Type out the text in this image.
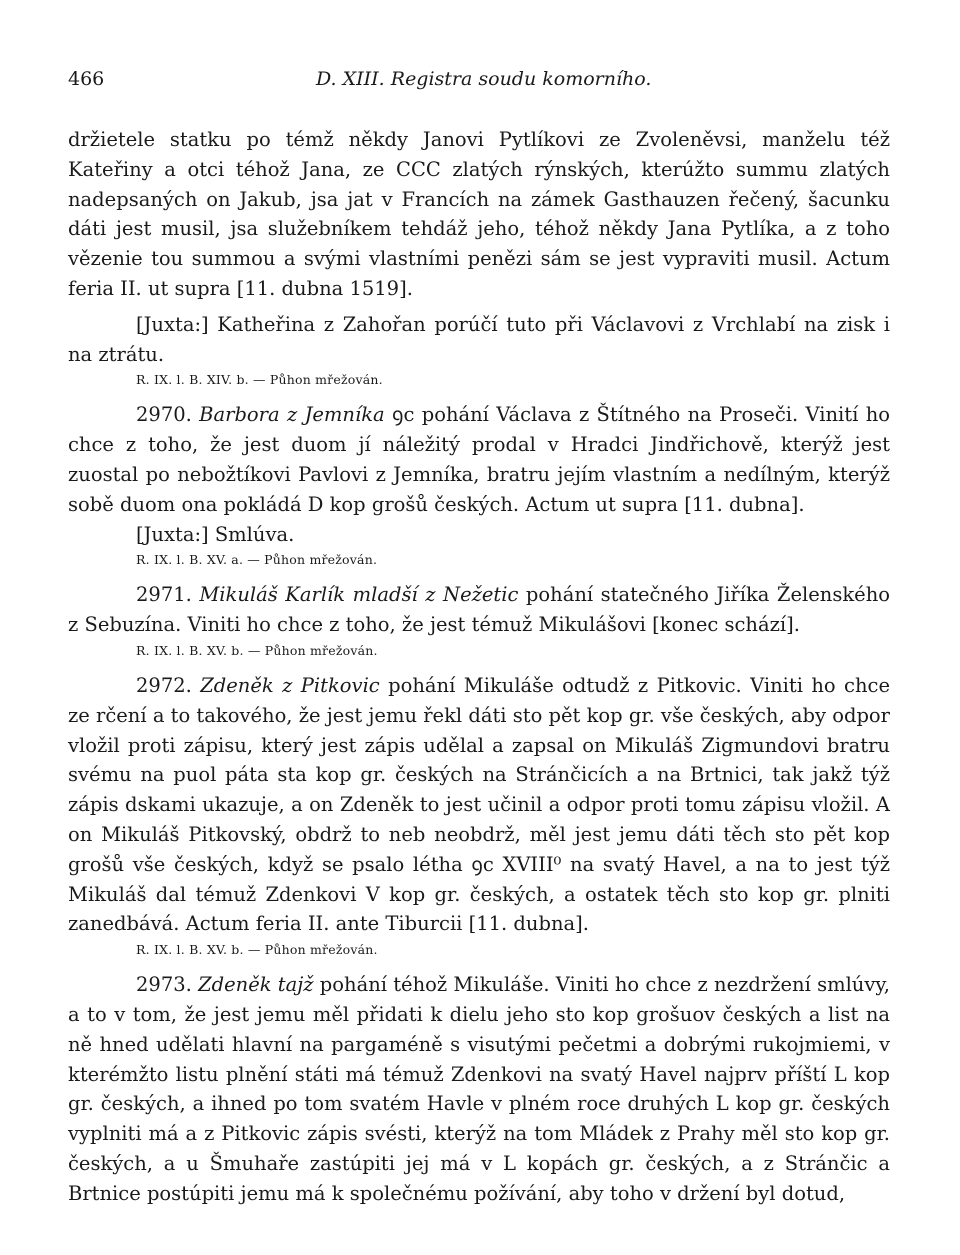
466	D. XIII. Registra soudu komorního.

držietele statku po témž někdy Janovi Pytlíkovi ze Zvoleněvsi, manželu též Kateřiny a otci téhož Jana, ze CCC zlatých rýnských, kterúžto summu zlatých nadepsaných on Jakub, jsa jat v Francích na zámek Gasthauzen řečený, šacunku dáti jest musil, jsa služebníkem tehdáž jeho, téhož někdy Jana Pytlíka, a z toho vězenie tou summou a svými vlastními penězi sám se jest vypraviti musil. Actum feria II. ut supra [11. dubna 1519].

[Juxta:] Katheřina z Zahořan porúčí tuto při Václavovi z Vrchlabí na zisk i na ztrátu.

R. IX. l. B. XIV. b. — Půhon mřežován.

2970. Barbora z Jemníka ꝯc pohání Václava z Štítného na Proseči. Vinití ho chce z toho, že jest duom jí náležitý prodal v Hradci Jindřichově, kterýž jest zuostal po nebožtíkovi Pavlovi z Jemníka, bratru jejím vlastním a nedílným, kterýž sobě duom ona pokládá D kop grošů českých. Actum ut supra [11. dubna].

[Juxta:] Smlúva.

R. IX. l. B. XV. a. — Půhon mřežován.

2971. Mikuláš Karlík mladší z Nežetic pohání statečného Jiříka Želenského z Sebuzína. Viniti ho chce z toho, že jest témuž Mikulášovi [konec schází].

R. IX. l. B. XV. b. — Půhon mřežován.

2972. Zdeněk z Pitkovic pohání Mikuláše odtudž z Pitkovic. Viniti ho chce ze rčení a to takového, že jest jemu řekl dáti sto pět kop gr. vše českých, aby odpor vložil proti zápisu, který jest zápis udělal a zapsal on Mikuláš Zigmundovi bratru svému na puol páta sta kop gr. českých na Stránčicích a na Brtnici, tak jakž týž zápis dskami ukazuje, a on Zdeněk to jest učinil a odpor proti tomu zápisu vložil. A on Mikuláš Pitkovský, obdrž to neb neobdrž, měl jest jemu dáti těch sto pět kop grošů vše českých, když se psalo létha ꝯc XVIII⁰ na svatý Havel, a na to jest týž Mikuláš dal témuž Zdenkovi V kop gr. českých, a ostatek těch sto kop gr. plniti zanedbává. Actum feria II. ante Tiburcii [11. dubna].

R. IX. l. B. XV. b. — Půhon mřežován.

2973. Zdeněk tajž pohání téhož Mikuláše. Viniti ho chce z nezdržení smlúvy, a to v tom, že jest jemu měl přidati k dielu jeho sto kop grošuov českých a list na ně hned udělati hlavní na pargaméně s visutými pečetmi a dobrými rukojmiemi, v kterémžto listu plnění státi má témuž Zdenkovi na svatý Havel najprv příští L kop gr. českých, a ihned po tom svatém Havle v plném roce druhých L kop gr. českých vyplniti má a z Pitkovic zápis svésti, kterýž na tom Mládek z Prahy měl sto kop gr. českých, a u Šmuhaře zastúpiti jej má v L kopách gr. českých, a z Stránčic a Brtnice postúpiti jemu má k společnému požívání, aby toho v držení byl dotud,
